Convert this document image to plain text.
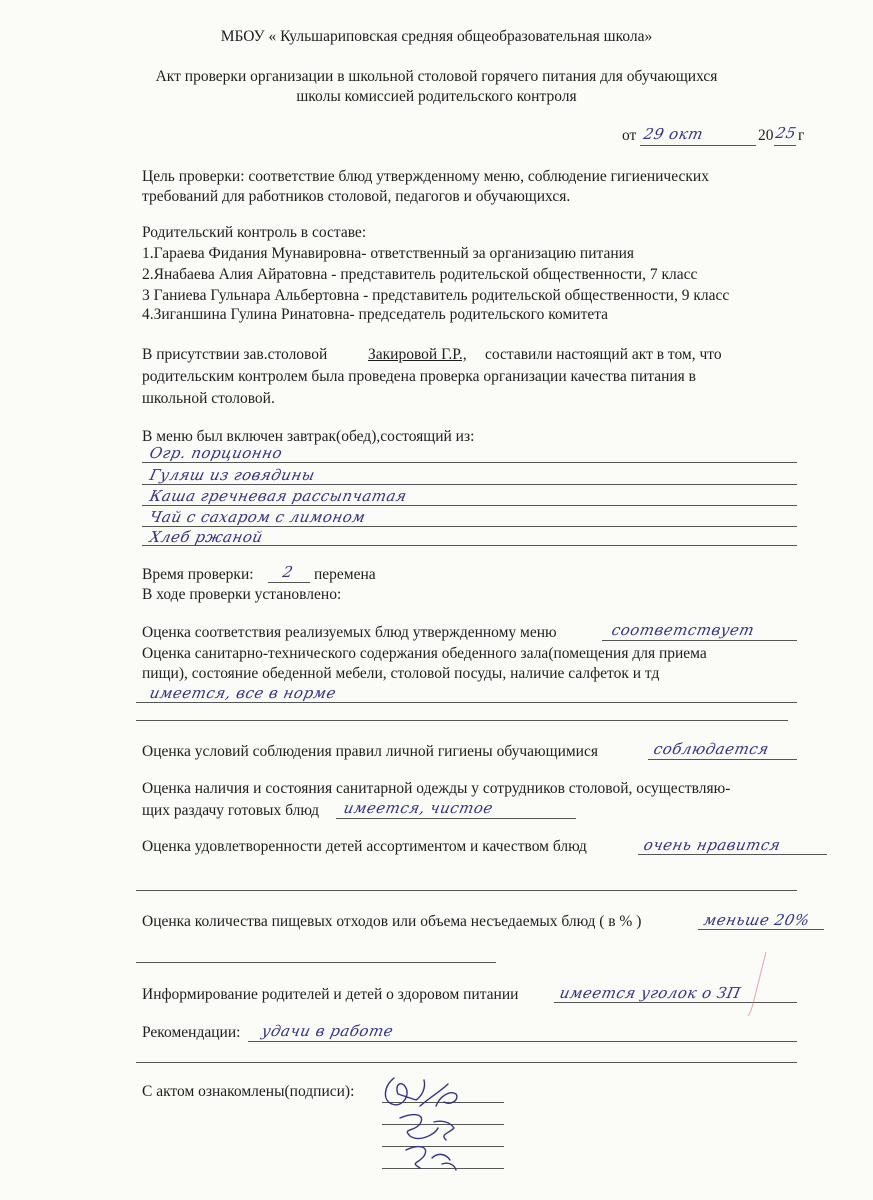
МБОУ « Кульшариповская средняя общеобразовательная школа»
Акт проверки организации в школьной столовой горячего питания для обучающихся
школы комиссией родительского контроля
от 29 окт	20 25 г
Цель проверки: соответствие блюд утвержденному меню, соблюдение гигиенических
требований для работников столовой, педагогов и обучающихся.
Родительский контроль в составе:
1.Гараева Фидания Мунавировна- ответственный за организацию питания
2.Янабаева Алия Айратовна - представитель родительской общественности, 7 класс
3 Ганиева Гульнара Альбертовна - представитель родительской общественности, 9 класс
4.Зиганшина Гулина Ринатовна- председатель родительского комитета
В присутствии зав.столовой	Закировой Г.Р., составили настоящий акт в том, что
родительским контролем была проведена проверка организации качества питания в
школьной столовой.
В меню был включен завтрак(обед),состоящий из:
Огр. порционно
Гуляш из говядины
Каша гречневая рассыпчатая
Чай с сахаром с лимоном
Хлеб ржаной
Время проверки: 2 перемена
В ходе проверки установлено:
Оценка соответствия реализуемых блюд утвержденному меню	соответствует
Оценка санитарно-технического содержания обеденного зала(помещения для приема
пищи), состояние обеденной мебели, столовой посуды, наличие салфеток и тд
имеется, все в норме
Оценка условий соблюдения правил личной гигиены обучающимися	соблюдается
Оценка наличия и состояния санитарной одежды у сотрудников столовой, осуществляю-
щих раздачу готовых блюд имеется, чистое
Оценка удовлетворенности детей ассортиментом и качеством блюд	очень нравится
Оценка количества пищевых отходов или объема несъедаемых блюд ( в % )	меньше 20%
Информирование родителей и детей о здоровом питании	имеется уголок о ЗП
Рекомендации: удачи в работе
С актом ознакомлены(подписи):
